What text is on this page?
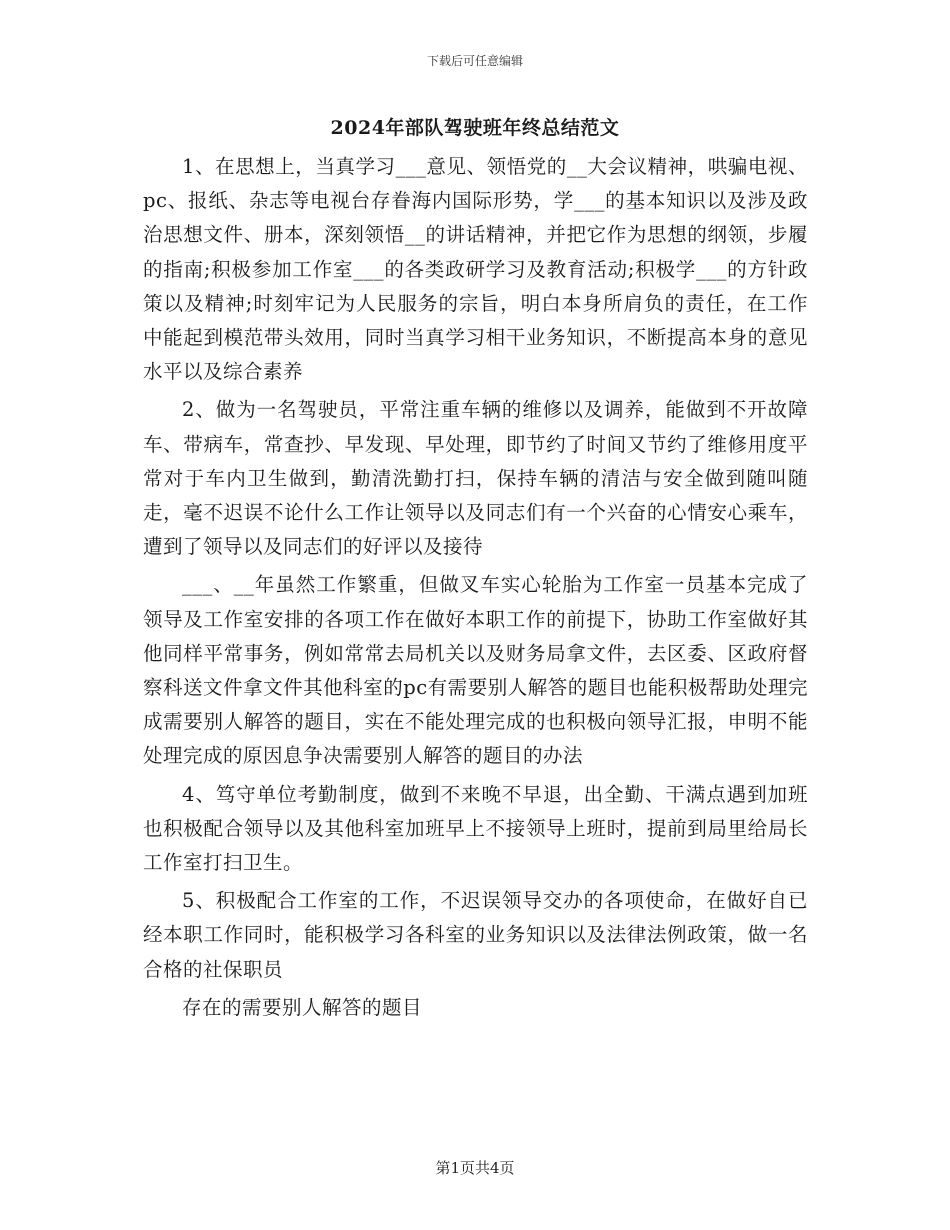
下载后可任意编辑
2024年部队驾驶班年终总结范文

1、在思想上，当真学习___意见、领悟党的__大会议精神，哄骗电视、pc、报纸、杂志等电视台存眷海内国际形势，学___的基本知识以及涉及政治思想文件、册本，深刻领悟__的讲话精神，并把它作为思想的纲领，步履的指南;积极参加工作室___的各类政研学习及教育活动;积极学___的方针政策以及精神;时刻牢记为人民服务的宗旨，明白本身所肩负的责任，在工作中能起到模范带头效用，同时当真学习相干业务知识，不断提高本身的意见水平以及综合素养

2、做为一名驾驶员，平常注重车辆的维修以及调养，能做到不开故障车、带病车，常查抄、早发现、早处理，即节约了时间又节约了维修用度平常对于车内卫生做到，勤清洗勤打扫，保持车辆的清洁与安全做到随叫随走，毫不迟误不论什么工作让领导以及同志们有一个兴奋的心情安心乘车，遭到了领导以及同志们的好评以及接待

___、__年虽然工作繁重，但做叉车实心轮胎为工作室一员基本完成了领导及工作室安排的各项工作在做好本职工作的前提下，协助工作室做好其他同样平常事务，例如常常去局机关以及财务局拿文件，去区委、区政府督察科送文件拿文件其他科室的pc有需要别人解答的题目也能积极帮助处理完成需要别人解答的题目，实在不能处理完成的也积极向领导汇报，申明不能处理完成的原因息争决需要别人解答的题目的办法

4、笃守单位考勤制度，做到不来晚不早退，出全勤、干满点遇到加班也积极配合领导以及其他科室加班早上不接领导上班时，提前到局里给局长工作室打扫卫生。

5、积极配合工作室的工作，不迟误领导交办的各项使命，在做好自已经本职工作同时，能积极学习各科室的业务知识以及法律法例政策，做一名合格的社保职员

存在的需要别人解答的题目

第1页共4页
